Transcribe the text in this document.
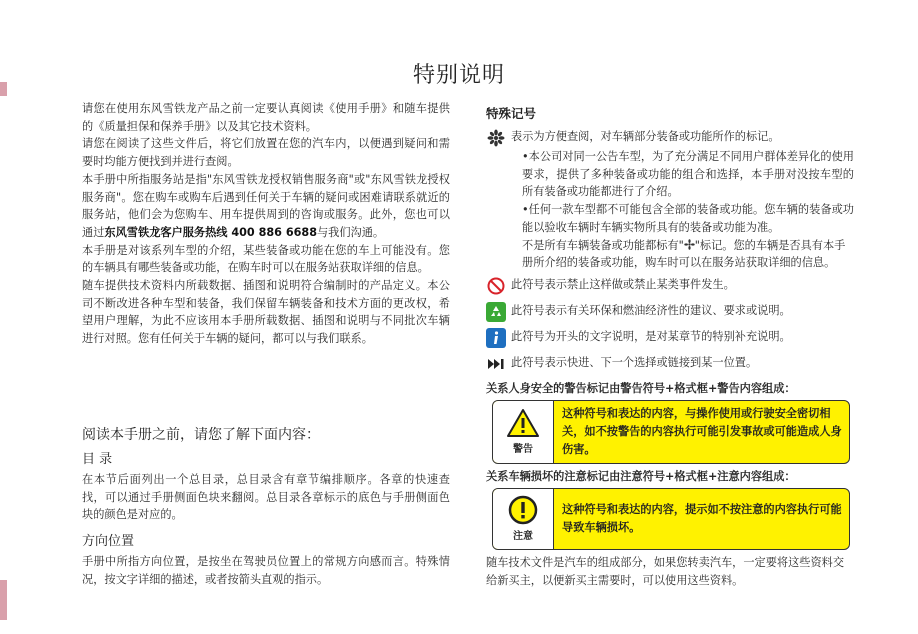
特别说明

请您在使用东风雪铁龙产品之前一定要认真阅读《使用手册》和随车提供的《质量担保和保养手册》以及其它技术资料。

请您在阅读了这些文件后，将它们放置在您的汽车内，以便遇到疑问和需要时均能方便找到并进行查阅。

本手册中所指服务站是指"东风雪铁龙授权销售服务商"或"东风雪铁龙授权服务商"。您在购车或购车后遇到任何关于车辆的疑问或困难请联系就近的服务站，他们会为您购车、用车提供周到的咨询或服务。此外，您也可以通过东风雪铁龙客户服务热线 400 886 6688与我们沟通。

本手册是对该系列车型的介绍，某些装备或功能在您的车上可能没有。您的车辆具有哪些装备或功能，在购车时可以在服务站获取详细的信息。

随车提供技术资料内所载数据、插图和说明符合编制时的产品定义。本公司不断改进各种车型和装备，我们保留车辆装备和技术方面的更改权，希望用户理解，为此不应该用本手册所载数据、插图和说明与不同批次车辆进行对照。您有任何关于车辆的疑问，都可以与我们联系。

阅读本手册之前，请您了解下面内容：

目 录

在本节后面列出一个总目录，总目录含有章节编排顺序。各章的快速查找，可以通过手册侧面色块来翻阅。总目录各章标示的底色与手册侧面色块的颜色是对应的。

方向位置

手册中所指方向位置，是按坐在驾驶员位置上的常规方向感而言。特殊情况，按文字详细的描述，或者按箭头直观的指示。

特殊记号

表示为方便查阅，对车辆部分装备或功能所作的标记。
•本公司对同一公告车型，为了充分满足不同用户群体差异化的使用要求，提供了多种装备或功能的组合和选择，本手册对没按车型的所有装备或功能都进行了介绍。
•任何一款车型都不可能包含全部的装备或功能。您车辆的装备或功能以验收车辆时车辆实物所具有的装备或功能为准。
不是所有车辆装备或功能都标有" "标记。您的车辆是否具有本手册所介绍的装备或功能，购车时可以在服务站获取详细的信息。
此符号表示禁止这样做或禁止某类事件发生。
此符号表示有关环保和燃油经济性的建议、要求或说明。
此符号为开头的文字说明，是对某章节的特别补充说明。
此符号表示快进、下一个选择或链接到某一位置。

关系人身安全的警告标记由警告符号+格式框+警告内容组成：

警告
这种符号和表达的内容，与操作使用或行驶安全密切相关，如不按警告的内容执行可能引发事故或可能造成人身伤害。

关系车辆损坏的注意标记由注意符号+格式框+注意内容组成：

注意
这种符号和表达的内容，提示如不按注意的内容执行可能导致车辆损坏。

随车技术文件是汽车的组成部分，如果您转卖汽车，一定要将这些资料交给新买主，以便新买主需要时，可以使用这些资料。
